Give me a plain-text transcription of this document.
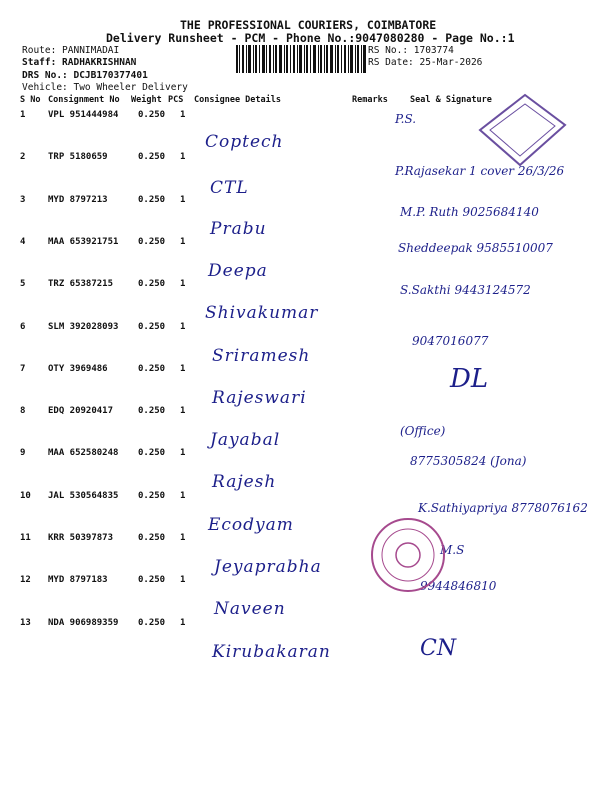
THE PROFESSIONAL COURIERS, COIMBATORE
Delivery Runsheet - PCM - Phone No.:9047080280 - Page No.:1
Route: PANNIMADAI
Staff: RADHAKRISHNAN
DRS No.: DCJB170377401
Vehicle: Two Wheeler Delivery
RS No.: 1703774
RS Date: 25-Mar-2026
S No Consignment No Weight PCS Consignee Details	Remarks	Seal & Signature
1	VPL 951444984 0.250 1
Coptech
P.S.
2	TRP 5180659	0.250 1
CTL
P.Rajasekar 1 cover 26/3/26
3	MYD 8797213	0.250 1
Prabu
M.P. Ruth 9025684140
4	MAA 653921751 0.250 1
Deepa
Sheddeepak 9585510007
5	TRZ 65387215	0.250 1
Shivakumar
S.Sakthi 9443124572
6	SLM 392028093 0.250 1
Sriramesh
9047016077
7	OTY 3969486	0.250 1
Rajeswari
DL
8	EDQ 20920417	0.250 1
Jayabal	(Office)
9	MAA 652580248 0.250 1
Rajesh
8775305824 (Jona)
10 JAL 530564835 0.250 1
Ecodyam
K.Sathiyapriya 8778076162
11 KRR 50397873	0.250 1
Jeyaprabha
M.S
12 MYD 8797183	0.250 1
Naveen
9944846810
13 NDA 906989359 0.250 1
Kirubakaran	CN
